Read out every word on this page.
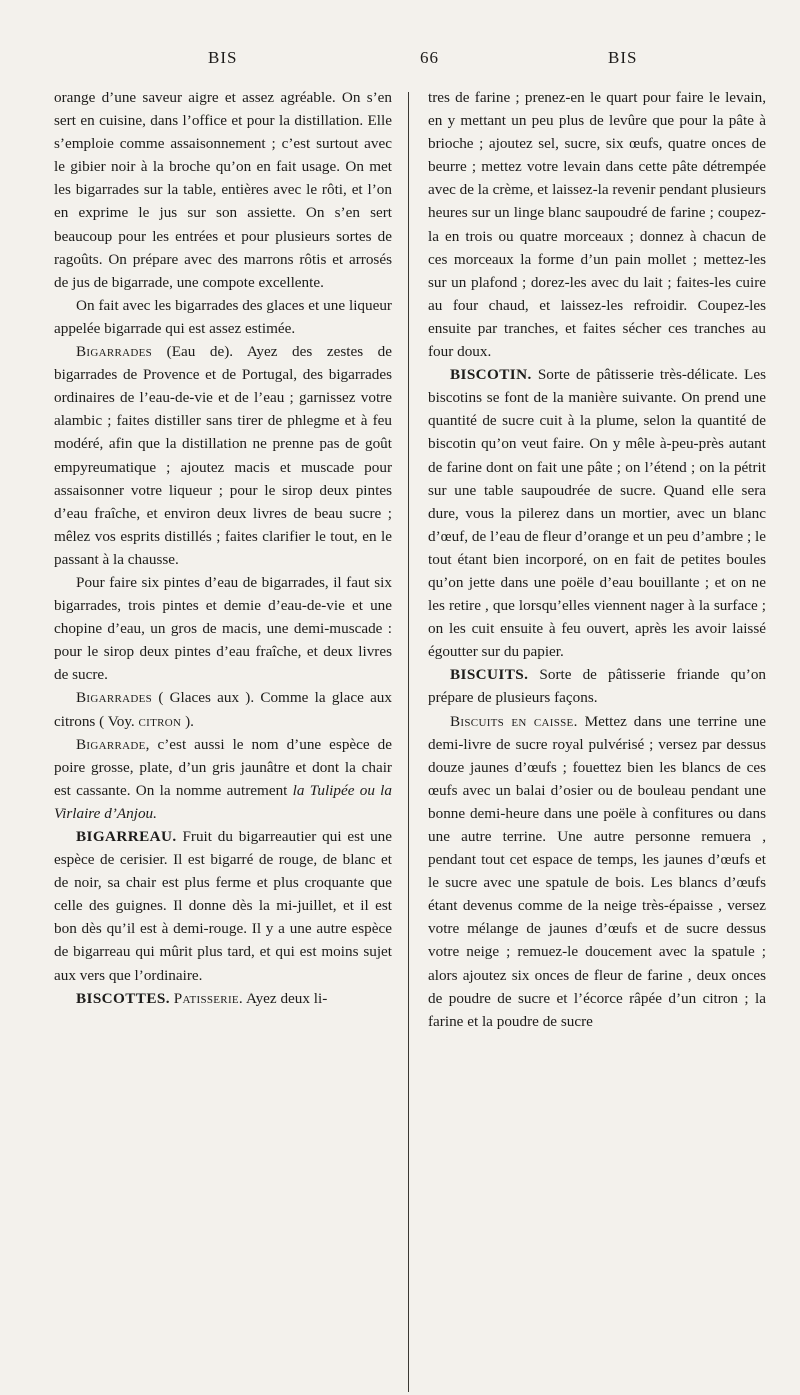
BIS	66	BIS

orange d’une saveur aigre et assez agréable. On s’en sert en cuisine, dans l’office et pour la distillation. Elle s’emploie comme assaisonnement ; c’est surtout avec le gibier noir à la broche qu’on en fait usage. On met les bigarrades sur la table, entières avec le rôti, et l’on en exprime le jus sur son assiette. On s’en sert beaucoup pour les entrées et pour plusieurs sortes de ragoûts. On prépare avec des marrons rôtis et arrosés de jus de bigarrade, une compote excellente.

On fait avec les bigarrades des glaces et une liqueur appelée bigarrade qui est assez estimée.

Bigarrades (Eau de). Ayez des zestes de bigarrades de Provence et de Portugal, des bigarrades ordinaires de l’eau-de-vie et de l’eau ; garnissez votre alambic ; faites distiller sans tirer de phlegme et à feu modéré, afin que la distillation ne prenne pas de goût empyreumatique ; ajoutez macis et muscade pour assaisonner votre liqueur ; pour le sirop deux pintes d’eau fraîche, et environ deux livres de beau sucre ; mêlez vos esprits distillés ; faites clarifier le tout, en le passant à la chausse.

Pour faire six pintes d’eau de bigarrades, il faut six bigarrades, trois pintes et demie d’eau-de-vie et une chopine d’eau, un gros de macis, une demi-muscade : pour le sirop deux pintes d’eau fraîche, et deux livres de sucre.

Bigarrades ( Glaces aux ). Comme la glace aux citrons ( Voy. citron ).

Bigarrade, c’est aussi le nom d’une espèce de poire grosse, plate, d’un gris jaunâtre et dont la chair est cassante. On la nomme autrement la Tulipée ou la Virlaire d’Anjou.

BIGARREAU. Fruit du bigarreautier qui est une espèce de cerisier. Il est bigarré de rouge, de blanc et de noir, sa chair est plus ferme et plus croquante que celle des guignes. Il donne dès la mi-juillet, et il est bon dès qu’il est à demi-rouge. Il y a une autre espèce de bigarreau qui mûrit plus tard, et qui est moins sujet aux vers que l’ordinaire.

BISCOTTES. Patisserie. Ayez deux li-

tres de farine ; prenez-en le quart pour faire le levain, en y mettant un peu plus de levûre que pour la pâte à brioche ; ajoutez sel, sucre, six œufs, quatre onces de beurre ; mettez votre levain dans cette pâte détrempée avec de la crème, et laissez-la revenir pendant plusieurs heures sur un linge blanc saupoudré de farine ; coupez-la en trois ou quatre morceaux ; donnez à chacun de ces morceaux la forme d’un pain mollet ; mettez-les sur un plafond ; dorez-les avec du lait ; faites-les cuire au four chaud, et laissez-les refroidir. Coupez-les ensuite par tranches, et faites sécher ces tranches au four doux.

BISCOTIN. Sorte de pâtisserie très-délicate. Les biscotins se font de la manière suivante. On prend une quantité de sucre cuit à la plume, selon la quantité de biscotin qu’on veut faire. On y mêle à-peu-près autant de farine dont on fait une pâte ; on l’étend ; on la pétrit sur une table saupoudrée de sucre. Quand elle sera dure, vous la pilerez dans un mortier, avec un blanc d’œuf, de l’eau de fleur d’orange et un peu d’ambre ; le tout étant bien incorporé, on en fait de petites boules qu’on jette dans une poële d’eau bouillante ; et on ne les retire , que lorsqu’elles viennent nager à la surface ; on les cuit ensuite à feu ouvert, après les avoir laissé égoutter sur du papier.

BISCUITS. Sorte de pâtisserie friande qu’on prépare de plusieurs façons.

Biscuits en caisse. Mettez dans une terrine une demi-livre de sucre royal pulvérisé ; versez par dessus douze jaunes d’œufs ; fouettez bien les blancs de ces œufs avec un balai d’osier ou de bouleau pendant une bonne demi-heure dans une poële à confitures ou dans une autre terrine. Une autre personne remuera , pendant tout cet espace de temps, les jaunes d’œufs et le sucre avec une spatule de bois. Les blancs d’œufs étant devenus comme de la neige très-épaisse , versez votre mélange de jaunes d’œufs et de sucre dessus votre neige ; remuez-le doucement avec la spatule ; alors ajoutez six onces de fleur de farine , deux onces de poudre de sucre et l’écorce râpée d’un citron ; la farine et la poudre de sucre
